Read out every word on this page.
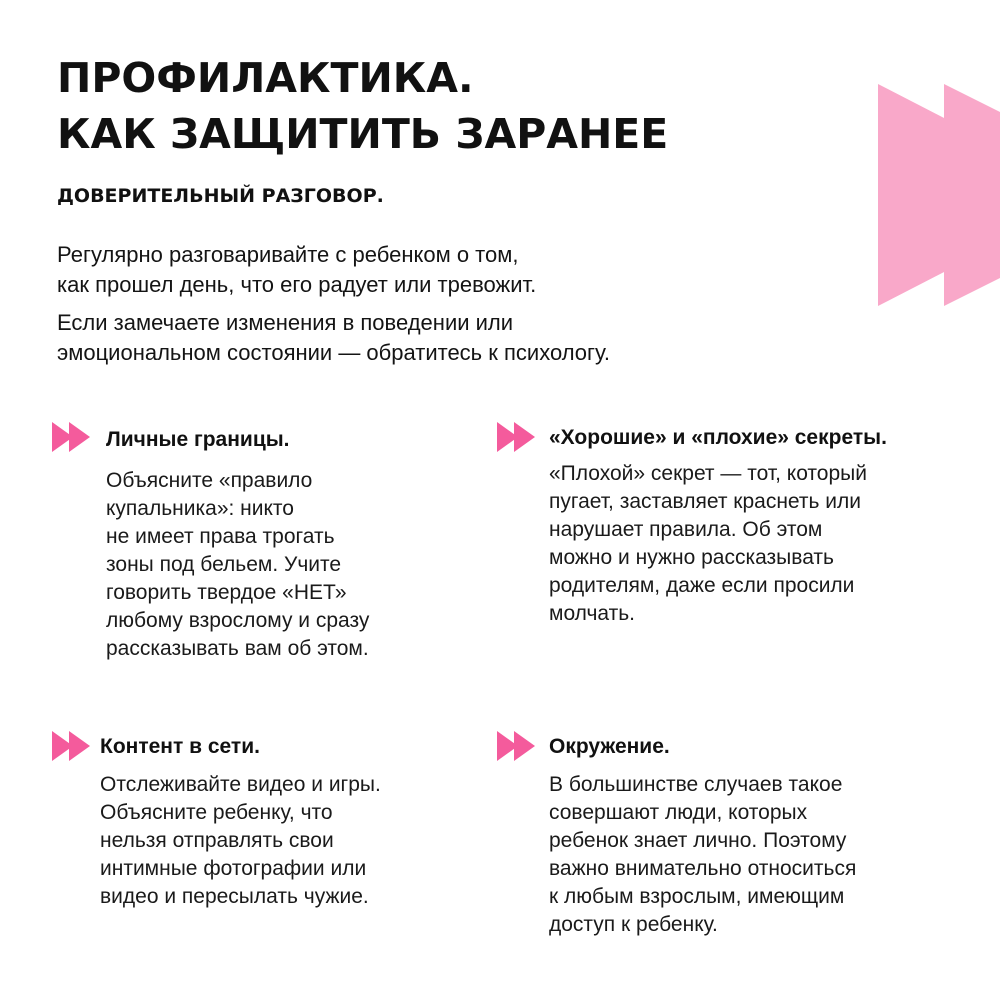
ПРОФИЛАКТИКА.
КАК ЗАЩИТИТЬ ЗАРАНЕЕ
ДОВЕРИТЕЛЬНЫЙ РАЗГОВОР.

Регулярно разговаривайте с ребенком о том,
как прошел день, что его радует или тревожит.

Если замечаете изменения в поведении или
эмоциональном состоянии — обратитесь к психологу.

Личные границы.

Объясните «правило
купальника»: никто
не имеет права трогать
зоны под бельем. Учите
говорить твердое «НЕТ»
любому взрослому и сразу
рассказывать вам об этом.

«Хорошие» и «плохие» секреты.

«Плохой» секрет — тот, который
пугает, заставляет краснеть или
нарушает правила. Об этом
можно и нужно рассказывать
родителям, даже если просили
молчать.

Контент в сети.

Отслеживайте видео и игры.
Объясните ребенку, что
нельзя отправлять свои
интимные фотографии или
видео и пересылать чужие.

Окружение.

В большинстве случаев такое
совершают люди, которых
ребенок знает лично. Поэтому
важно внимательно относиться
к любым взрослым, имеющим
доступ к ребенку.
